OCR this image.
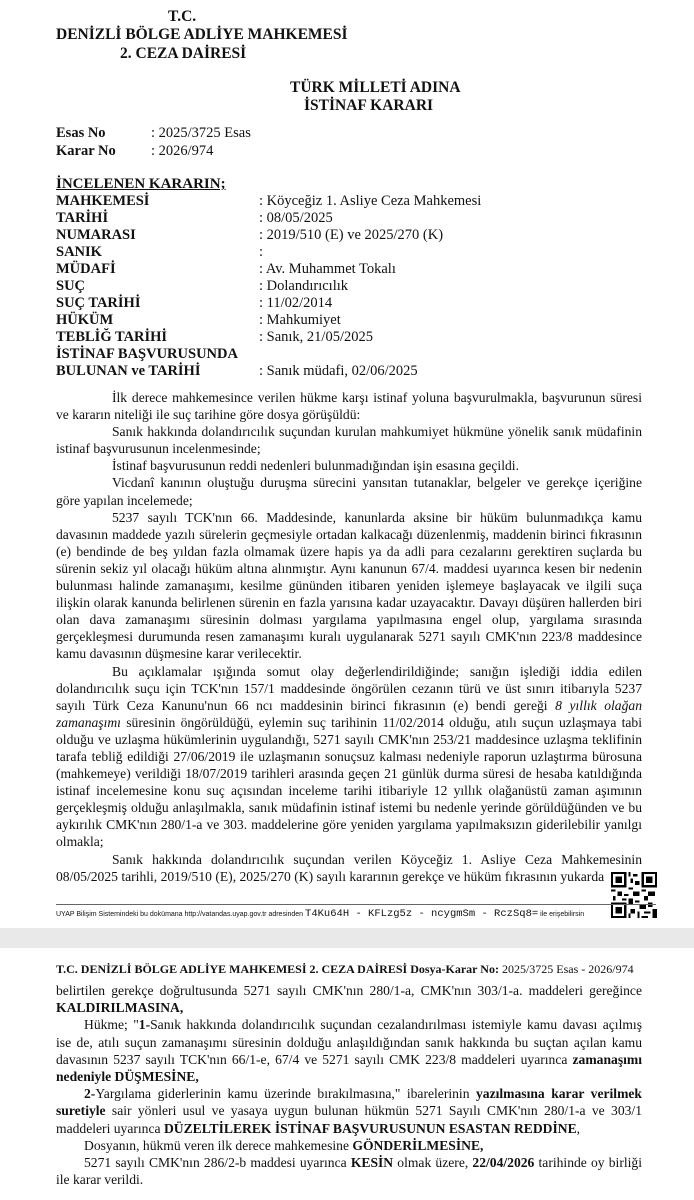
T.C.
DENİZLİ BÖLGE ADLİYE MAHKEMESİ
2. CEZA DAİRESİ
TÜRK MİLLETİ ADINA
İSTİNAF KARARI
Esas No	: 2025/3725 Esas
Karar No	: 2026/974
İNCELENEN KARARIN;
MAHKEMESİ	: Köyceğiz 1. Asliye Ceza Mahkemesi
TARİHİ	: 08/05/2025
NUMARASI	: 2019/510 (E) ve 2025/270 (K)
SANIK	:
MÜDAFİ	: Av. Muhammet Tokalı
SUÇ	: Dolandırıcılık
SUÇ TARİHİ	: 11/02/2014
HÜKÜM	: Mahkumiyet
TEBLİĞ TARİHİ	: Sanık, 21/05/2025
İSTİNAF BAŞVURUSUNDA
BULUNAN ve TARİHİ	: Sanık müdafi, 02/06/2025

İlk derece mahkemesince verilen hükme karşı istinaf yoluna başvurulmakla, başvurunun süresi ve kararın niteliği ile suç tarihine göre dosya görüşüldü:

Sanık hakkında dolandırıcılık suçundan kurulan mahkumiyet hükmüne yönelik sanık müdafinin istinaf başvurusunun incelenmesinde;

İstinaf başvurusunun reddi nedenleri bulunmadığından işin esasına geçildi.

Vicdanî kanının oluştuğu duruşma sürecini yansıtan tutanaklar, belgeler ve gerekçe içeriğine göre yapılan incelemede;

5237 sayılı TCK'nın 66. Maddesinde, kanunlarda aksine bir hüküm bulunmadıkça kamu davasının maddede yazılı sürelerin geçmesiyle ortadan kalkacağı düzenlenmiş, maddenin birinci fıkrasının (e) bendinde de beş yıldan fazla olmamak üzere hapis ya da adli para cezalarını gerektiren suçlarda bu sürenin sekiz yıl olacağı hüküm altına alınmıştır. Aynı kanunun 67/4. maddesi uyarınca kesen bir nedenin bulunması halinde zamanaşımı, kesilme gününden itibaren yeniden işlemeye başlayacak ve ilgili suça ilişkin olarak kanunda belirlenen sürenin en fazla yarısına kadar uzayacaktır. Davayı düşüren hallerden biri olan dava zamanaşımı süresinin dolması yargılama yapılmasına engel olup, yargılama sırasında gerçekleşmesi durumunda resen zamanaşımı kuralı uygulanarak 5271 sayılı CMK'nın 223/8 maddesince kamu davasının düşmesine karar verilecektir.

Bu açıklamalar ışığında somut olay değerlendirildiğinde; sanığın işlediği iddia edilen dolandırıcılık suçu için TCK'nın 157/1 maddesinde öngörülen cezanın türü ve üst sınırı itibarıyla 5237 sayılı Türk Ceza Kanunu'nun 66 ncı maddesinin birinci fıkrasının (e) bendi gereği 8 yıllık olağan zamanaşımı süresinin öngörüldüğü, eylemin suç tarihinin 11/02/2014 olduğu, atılı suçun uzlaşmaya tabi olduğu ve uzlaşma hükümlerinin uygulandığı, 5271 sayılı CMK'nın 253/21 maddesince uzlaşma teklifinin tarafa tebliğ edildiği 27/06/2019 ile uzlaşmanın sonuçsuz kalması nedeniyle raporun uzlaştırma bürosuna (mahkemeye) verildiği 18/07/2019 tarihleri arasında geçen 21 günlük durma süresi de hesaba katıldığında istinaf incelemesine konu suç açısından inceleme tarihi itibariyle 12 yıllık olağanüstü zaman aşımının gerçekleşmiş olduğu anlaşılmakla, sanık müdafinin istinaf istemi bu nedenle yerinde görüldüğünden ve bu aykırılık CMK'nın 280/1-a ve 303. maddelerine göre yeniden yargılama yapılmaksızın giderilebilir yanılgı olmakla;

Sanık hakkında dolandırıcılık suçundan verilen Köyceğiz 1. Asliye Ceza Mahkemesinin 08/05/2025 tarihli, 2019/510 (E), 2025/270 (K) sayılı kararının gerekçe ve hüküm fıkrasının yukarda

UYAP Bilişim Sistemindeki bu dokümana http://vatandas.uyap.gov.tr adresinden T4Ku64H - KFLzg5z - ncygmSm - RczSq8= ile erişebilirsin
T.C. DENİZLİ BÖLGE ADLİYE MAHKEMESİ 2. CEZA DAİRESİ Dosya-Karar No: 2025/3725 Esas - 2026/974

belirtilen gerekçe doğrultusunda 5271 sayılı CMK'nın 280/1-a, CMK'nın 303/1-a. maddeleri gereğince KALDIRILMASINA,

Hükme; "1-Sanık hakkında dolandırıcılık suçundan cezalandırılması istemiyle kamu davası açılmış ise de, atılı suçun zamanaşımı süresinin dolduğu anlaşıldığından sanık hakkında bu suçtan açılan kamu davasının 5237 sayılı TCK'nın 66/1-e, 67/4 ve 5271 sayılı CMK 223/8 maddeleri uyarınca zamanaşımı nedeniyle DÜŞMESİNE,

2-Yargılama giderlerinin kamu üzerinde bırakılmasına," ibarelerinin yazılmasına karar verilmek suretiyle sair yönleri usul ve yasaya uygun bulunan hükmün 5271 Sayılı CMK'nın 280/1-a ve 303/1 maddeleri uyarınca DÜZELTİLEREK İSTİNAF BAŞVURUSUNUN ESASTAN REDDİNE,

Dosyanın, hükmü veren ilk derece mahkemesine GÖNDERİLMESİNE,

5271 sayılı CMK'nın 286/2-b maddesi uyarınca KESİN olmak üzere, 22/04/2026 tarihinde oy birliği ile karar verildi.
